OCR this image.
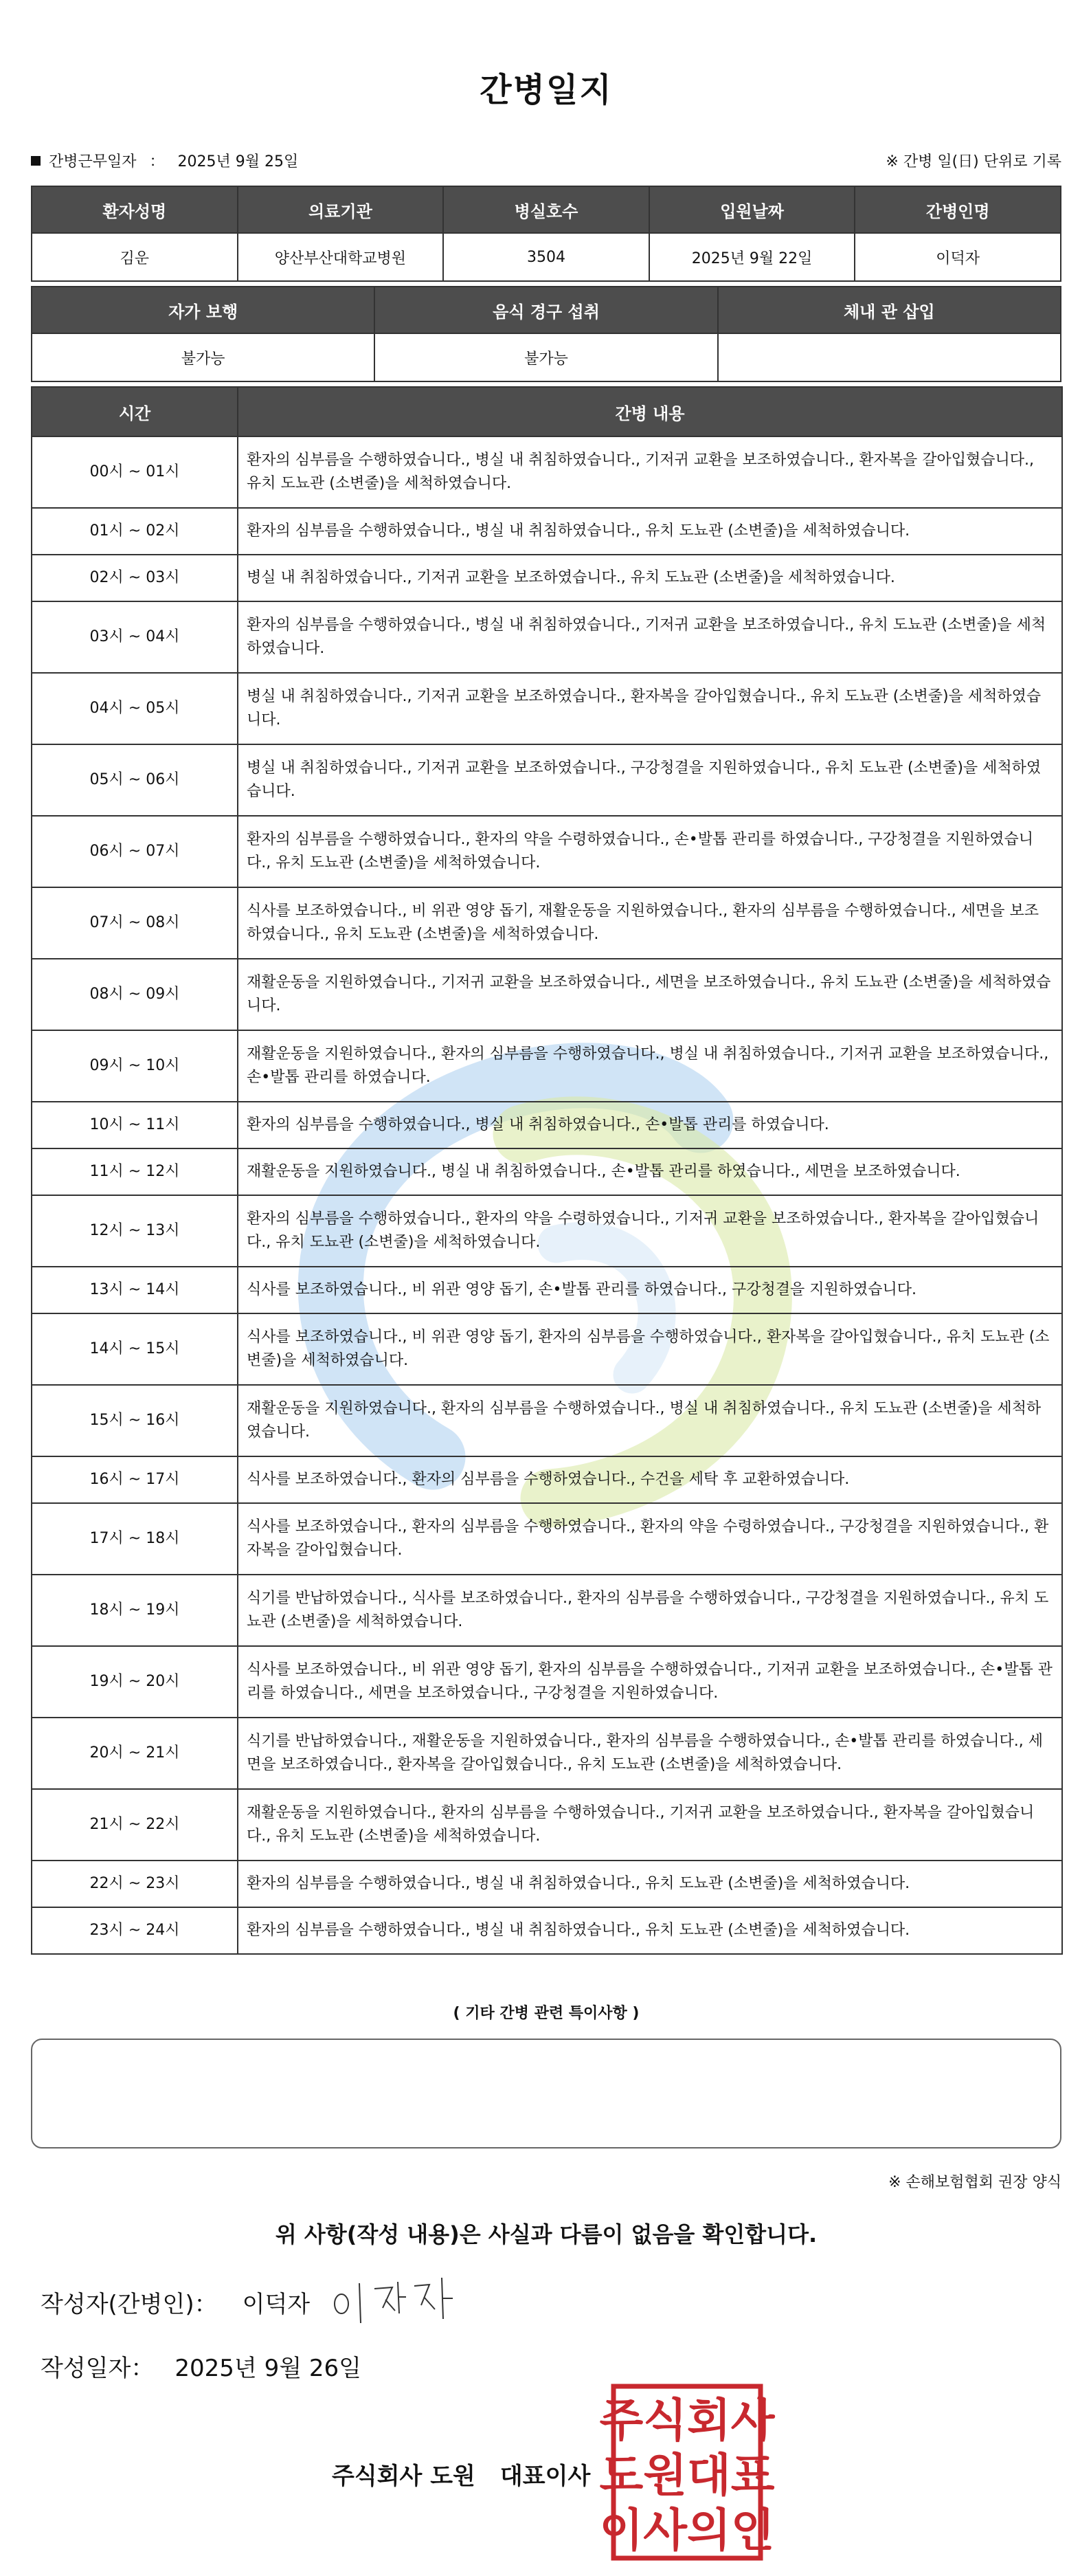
간병일지
간병근무일자 ： 2025년 9월 25일	※ 간병 일(日) 단위로 기록
환자성명	의료기관	병실호수	입원날짜	간병인명
김운	양산부산대학교병원	3504	2025년 9월 22일	이덕자
자가 보행	음식 경구 섭취	체내 관 삽입
불가능	불가능	
시간	간병 내용
00시 ~ 01시	환자의 심부름을 수행하였습니다., 병실 내 취침하였습니다., 기저귀 교환을 보조하였습니다., 환자복을 갈아입혔습니다., 유치 도뇨관 (소변줄)을 세척하였습니다.
01시 ~ 02시	환자의 심부름을 수행하였습니다., 병실 내 취침하였습니다., 유치 도뇨관 (소변줄)을 세척하였습니다.
02시 ~ 03시	병실 내 취침하였습니다., 기저귀 교환을 보조하였습니다., 유치 도뇨관 (소변줄)을 세척하였습니다.
03시 ~ 04시	환자의 심부름을 수행하였습니다., 병실 내 취침하였습니다., 기저귀 교환을 보조하였습니다., 유치 도뇨관 (소변줄)을 세척하였습니다.
04시 ~ 05시	병실 내 취침하였습니다., 기저귀 교환을 보조하였습니다., 환자복을 갈아입혔습니다., 유치 도뇨관 (소변줄)을 세척하였습니다.
05시 ~ 06시	병실 내 취침하였습니다., 기저귀 교환을 보조하였습니다., 구강청결을 지원하였습니다., 유치 도뇨관 (소변줄)을 세척하였습니다.
06시 ~ 07시	환자의 심부름을 수행하였습니다., 환자의 약을 수령하였습니다., 손•발톱 관리를 하였습니다., 구강청결을 지원하였습니다., 유치 도뇨관 (소변줄)을 세척하였습니다.
07시 ~ 08시	식사를 보조하였습니다., 비 위관 영양 돕기, 재활운동을 지원하였습니다., 환자의 심부름을 수행하였습니다., 세면을 보조하였습니다., 유치 도뇨관 (소변줄)을 세척하였습니다.
08시 ~ 09시	재활운동을 지원하였습니다., 기저귀 교환을 보조하였습니다., 세면을 보조하였습니다., 유치 도뇨관 (소변줄)을 세척하였습니다.
09시 ~ 10시	재활운동을 지원하였습니다., 환자의 심부름을 수행하였습니다., 병실 내 취침하였습니다., 기저귀 교환을 보조하였습니다., 손•발톱 관리를 하였습니다.
10시 ~ 11시	환자의 심부름을 수행하였습니다., 병실 내 취침하였습니다., 손•발톱 관리를 하였습니다.
11시 ~ 12시	재활운동을 지원하였습니다., 병실 내 취침하였습니다., 손•발톱 관리를 하였습니다., 세면을 보조하였습니다.
12시 ~ 13시	환자의 심부름을 수행하였습니다., 환자의 약을 수령하였습니다., 기저귀 교환을 보조하였습니다., 환자복을 갈아입혔습니다., 유치 도뇨관 (소변줄)을 세척하였습니다.
13시 ~ 14시	식사를 보조하였습니다., 비 위관 영양 돕기, 손•발톱 관리를 하였습니다., 구강청결을 지원하였습니다.
14시 ~ 15시	식사를 보조하였습니다., 비 위관 영양 돕기, 환자의 심부름을 수행하였습니다., 환자복을 갈아입혔습니다., 유치 도뇨관 (소변줄)을 세척하였습니다.
15시 ~ 16시	재활운동을 지원하였습니다., 환자의 심부름을 수행하였습니다., 병실 내 취침하였습니다., 유치 도뇨관 (소변줄)을 세척하였습니다.
16시 ~ 17시	식사를 보조하였습니다., 환자의 심부름을 수행하였습니다., 수건을 세탁 후 교환하였습니다.
17시 ~ 18시	식사를 보조하였습니다., 환자의 심부름을 수행하였습니다., 환자의 약을 수령하였습니다., 구강청결을 지원하였습니다., 환자복을 갈아입혔습니다.
18시 ~ 19시	식기를 반납하였습니다., 식사를 보조하였습니다., 환자의 심부름을 수행하였습니다., 구강청결을 지원하였습니다., 유치 도뇨관 (소변줄)을 세척하였습니다.
19시 ~ 20시	식사를 보조하였습니다., 비 위관 영양 돕기, 환자의 심부름을 수행하였습니다., 기저귀 교환을 보조하였습니다., 손•발톱 관리를 하였습니다., 세면을 보조하였습니다., 구강청결을 지원하였습니다.
20시 ~ 21시	식기를 반납하였습니다., 재활운동을 지원하였습니다., 환자의 심부름을 수행하였습니다., 손•발톱 관리를 하였습니다., 세면을 보조하였습니다., 환자복을 갈아입혔습니다., 유치 도뇨관 (소변줄)을 세척하였습니다.
21시 ~ 22시	재활운동을 지원하였습니다., 환자의 심부름을 수행하였습니다., 기저귀 교환을 보조하였습니다., 환자복을 갈아입혔습니다., 유치 도뇨관 (소변줄)을 세척하였습니다.
22시 ~ 23시	환자의 심부름을 수행하였습니다., 병실 내 취침하였습니다., 유치 도뇨관 (소변줄)을 세척하였습니다.
23시 ~ 24시	환자의 심부름을 수행하였습니다., 병실 내 취침하였습니다., 유치 도뇨관 (소변줄)을 세척하였습니다.
( 기타 간병 관련 특이사항 )
※ 손해보험협회 권장 양식
위 사항(작성 내용)은 사실과 다름이 없음을 확인합니다.
작성자(간병인)： 이덕자
작성일자： 2025년 9월 26일
주식회사 도원 대표이사
주식회사
도원대표
이사의인
